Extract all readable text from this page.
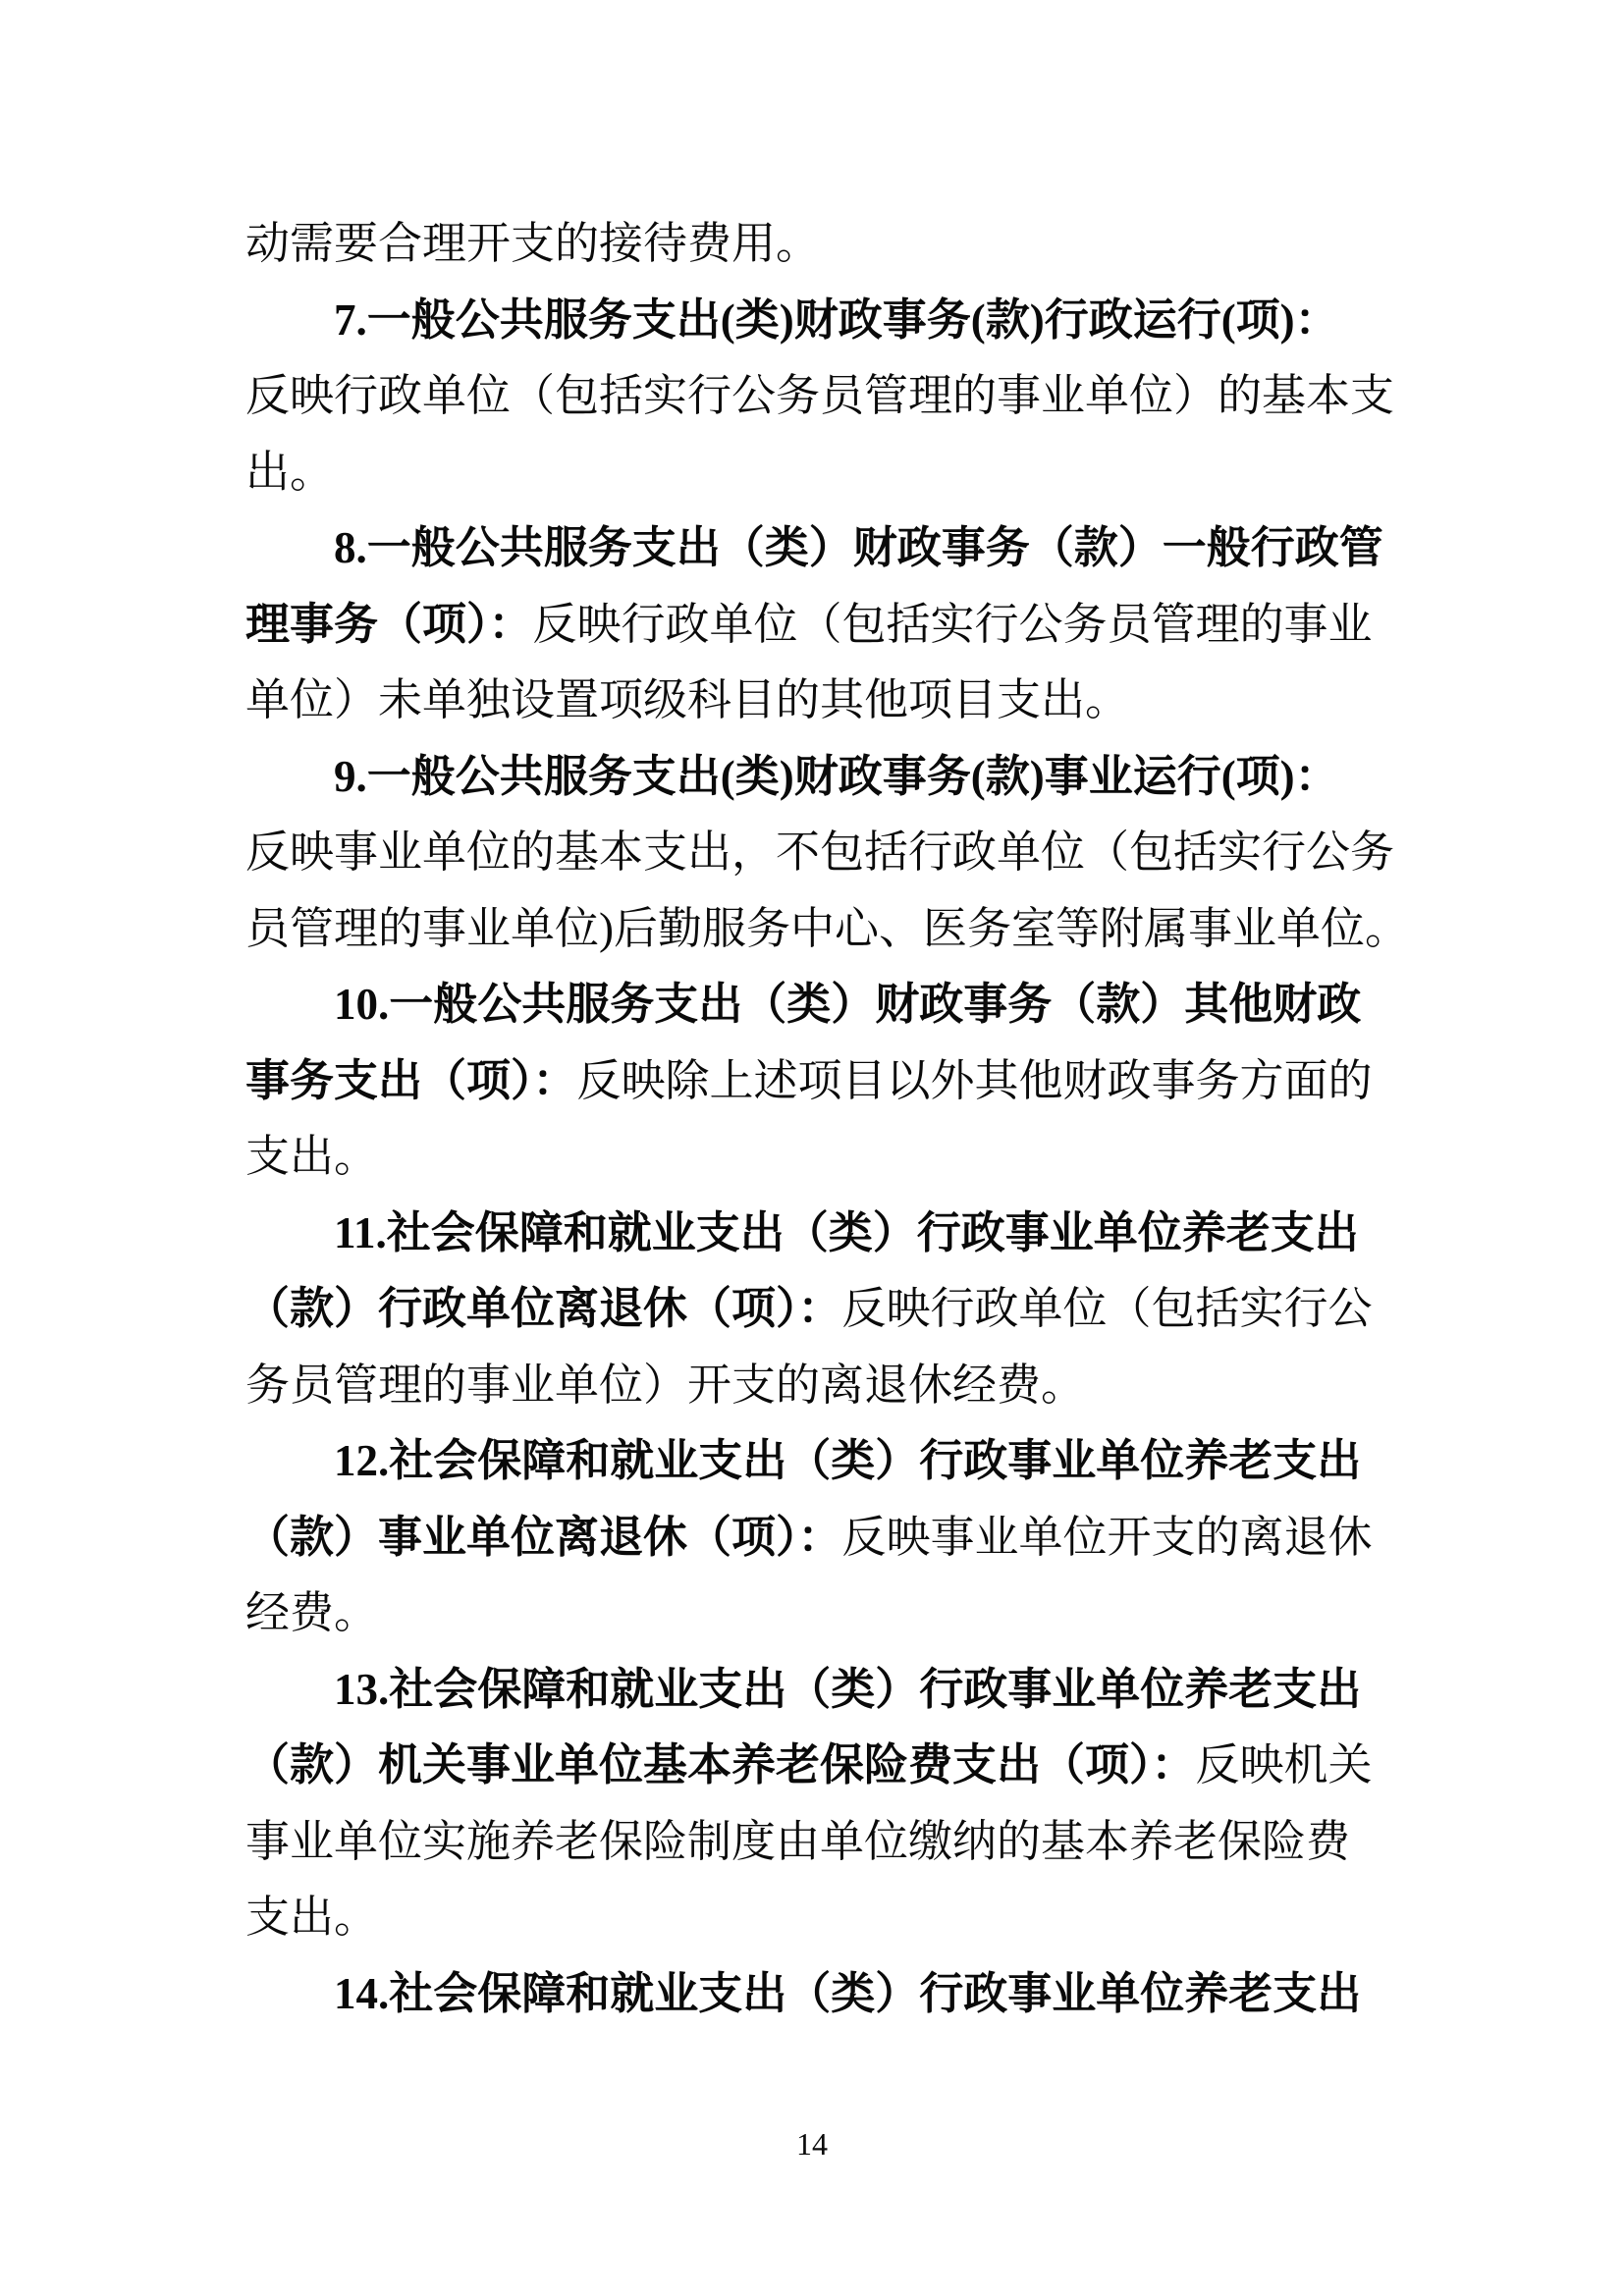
动需要合理开支的接待费用。
7.一般公共服务支出(类)财政事务(款)行政运行(项)：
反映行政单位（包括实行公务员管理的事业单位）的基本支
出。
8.一般公共服务支出（类）财政事务（款）一般行政管
理事务（项）：反映行政单位（包括实行公务员管理的事业
单位）未单独设置项级科目的其他项目支出。
9.一般公共服务支出(类)财政事务(款)事业运行(项)：
反映事业单位的基本支出，不包括行政单位（包括实行公务
员管理的事业单位)后勤服务中心、医务室等附属事业单位。
10.一般公共服务支出（类）财政事务（款）其他财政
事务支出（项）：反映除上述项目以外其他财政事务方面的
支出。
11.社会保障和就业支出（类）行政事业单位养老支出
（款）行政单位离退休（项）：反映行政单位（包括实行公
务员管理的事业单位）开支的离退休经费。
12.社会保障和就业支出（类）行政事业单位养老支出
（款）事业单位离退休（项）：反映事业单位开支的离退休
经费。
13.社会保障和就业支出（类）行政事业单位养老支出
（款）机关事业单位基本养老保险费支出（项）：反映机关
事业单位实施养老保险制度由单位缴纳的基本养老保险费
支出。
14.社会保障和就业支出（类）行政事业单位养老支出
14
